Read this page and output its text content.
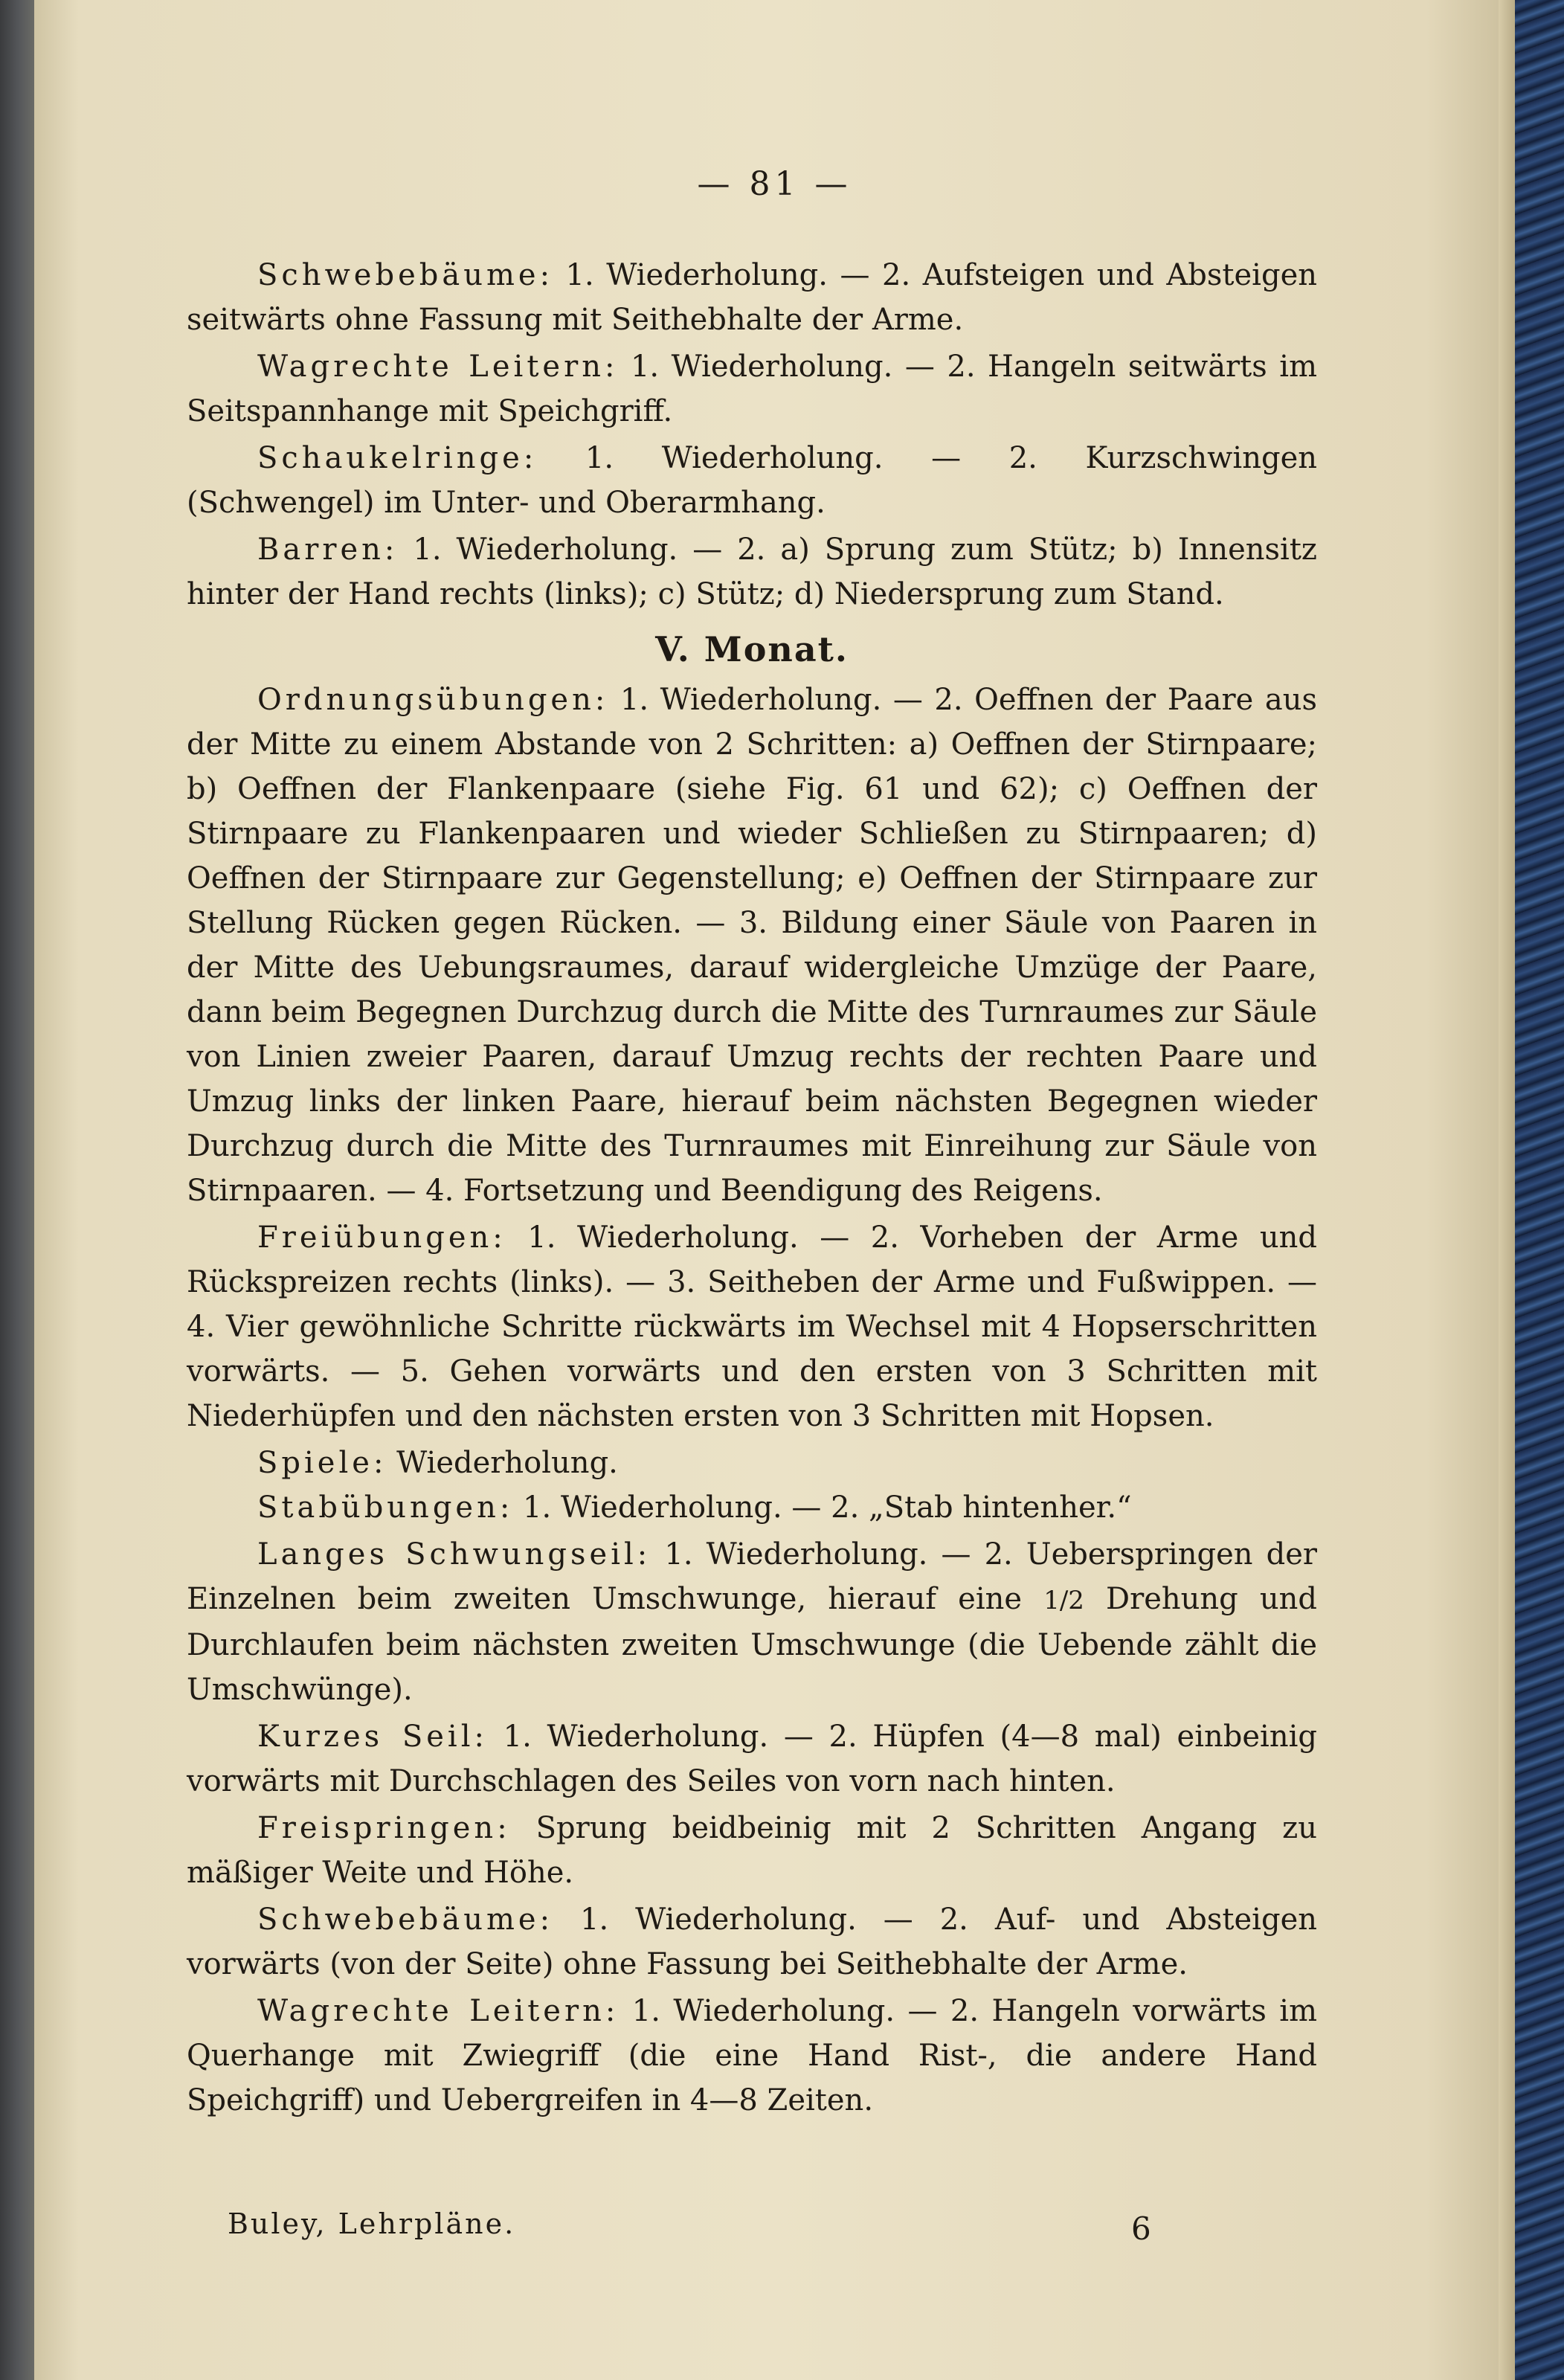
— 81 —

Schwebebäume: 1. Wiederholung. — 2. Aufsteigen und Absteigen seitwärts ohne Fassung mit Seithebhalte der Arme.

Wagrechte Leitern: 1. Wiederholung. — 2. Hangeln seitwärts im Seitspannhange mit Speichgriff.

Schaukelringe: 1. Wiederholung. — 2. Kurzschwingen (Schwengel) im Unter- und Oberarmhang.

Barren: 1. Wiederholung. — 2. a) Sprung zum Stütz; b) Innensitz hinter der Hand rechts (links); c) Stütz; d) Niedersprung zum Stand.

V. Monat.

Ordnungsübungen: 1. Wiederholung. — 2. Oeffnen der Paare aus der Mitte zu einem Abstande von 2 Schritten: a) Oeffnen der Stirnpaare; b) Oeffnen der Flankenpaare (siehe Fig. 61 und 62); c) Oeffnen der Stirnpaare zu Flankenpaaren und wieder Schließen zu Stirnpaaren; d) Oeffnen der Stirnpaare zur Gegenstellung; e) Oeffnen der Stirnpaare zur Stellung Rücken gegen Rücken. — 3. Bildung einer Säule von Paaren in der Mitte des Uebungsraumes, darauf widergleiche Umzüge der Paare, dann beim Begegnen Durchzug durch die Mitte des Turnraumes zur Säule von Linien zweier Paaren, darauf Umzug rechts der rechten Paare und Umzug links der linken Paare, hierauf beim nächsten Begegnen wieder Durchzug durch die Mitte des Turnraumes mit Einreihung zur Säule von Stirnpaaren. — 4. Fortsetzung und Beendigung des Reigens.

Freiübungen: 1. Wiederholung. — 2. Vorheben der Arme und Rückspreizen rechts (links). — 3. Seitheben der Arme und Fußwippen. — 4. Vier gewöhnliche Schritte rückwärts im Wechsel mit 4 Hopserschritten vorwärts. — 5. Gehen vorwärts und den ersten von 3 Schritten mit Niederhüpfen und den nächsten ersten von 3 Schritten mit Hopsen.

Spiele: Wiederholung.

Stabübungen: 1. Wiederholung. — 2. „Stab hintenher.“

Langes Schwungseil: 1. Wiederholung. — 2. Ueberspringen der Einzelnen beim zweiten Umschwunge, hierauf eine 1/2 Drehung und Durchlaufen beim nächsten zweiten Umschwunge (die Uebende zählt die Umschwünge).

Kurzes Seil: 1. Wiederholung. — 2. Hüpfen (4—8 mal) einbeinig vorwärts mit Durchschlagen des Seiles von vorn nach hinten.

Freispringen: Sprung beidbeinig mit 2 Schritten Angang zu mäßiger Weite und Höhe.

Schwebebäume: 1. Wiederholung. — 2. Auf- und Absteigen vorwärts (von der Seite) ohne Fassung bei Seithebhalte der Arme.

Wagrechte Leitern: 1. Wiederholung. — 2. Hangeln vorwärts im Querhange mit Zwiegriff (die eine Hand Rist-, die andere Hand Speichgriff) und Uebergreifen in 4—8 Zeiten.

Buley, Lehrpläne.	6
